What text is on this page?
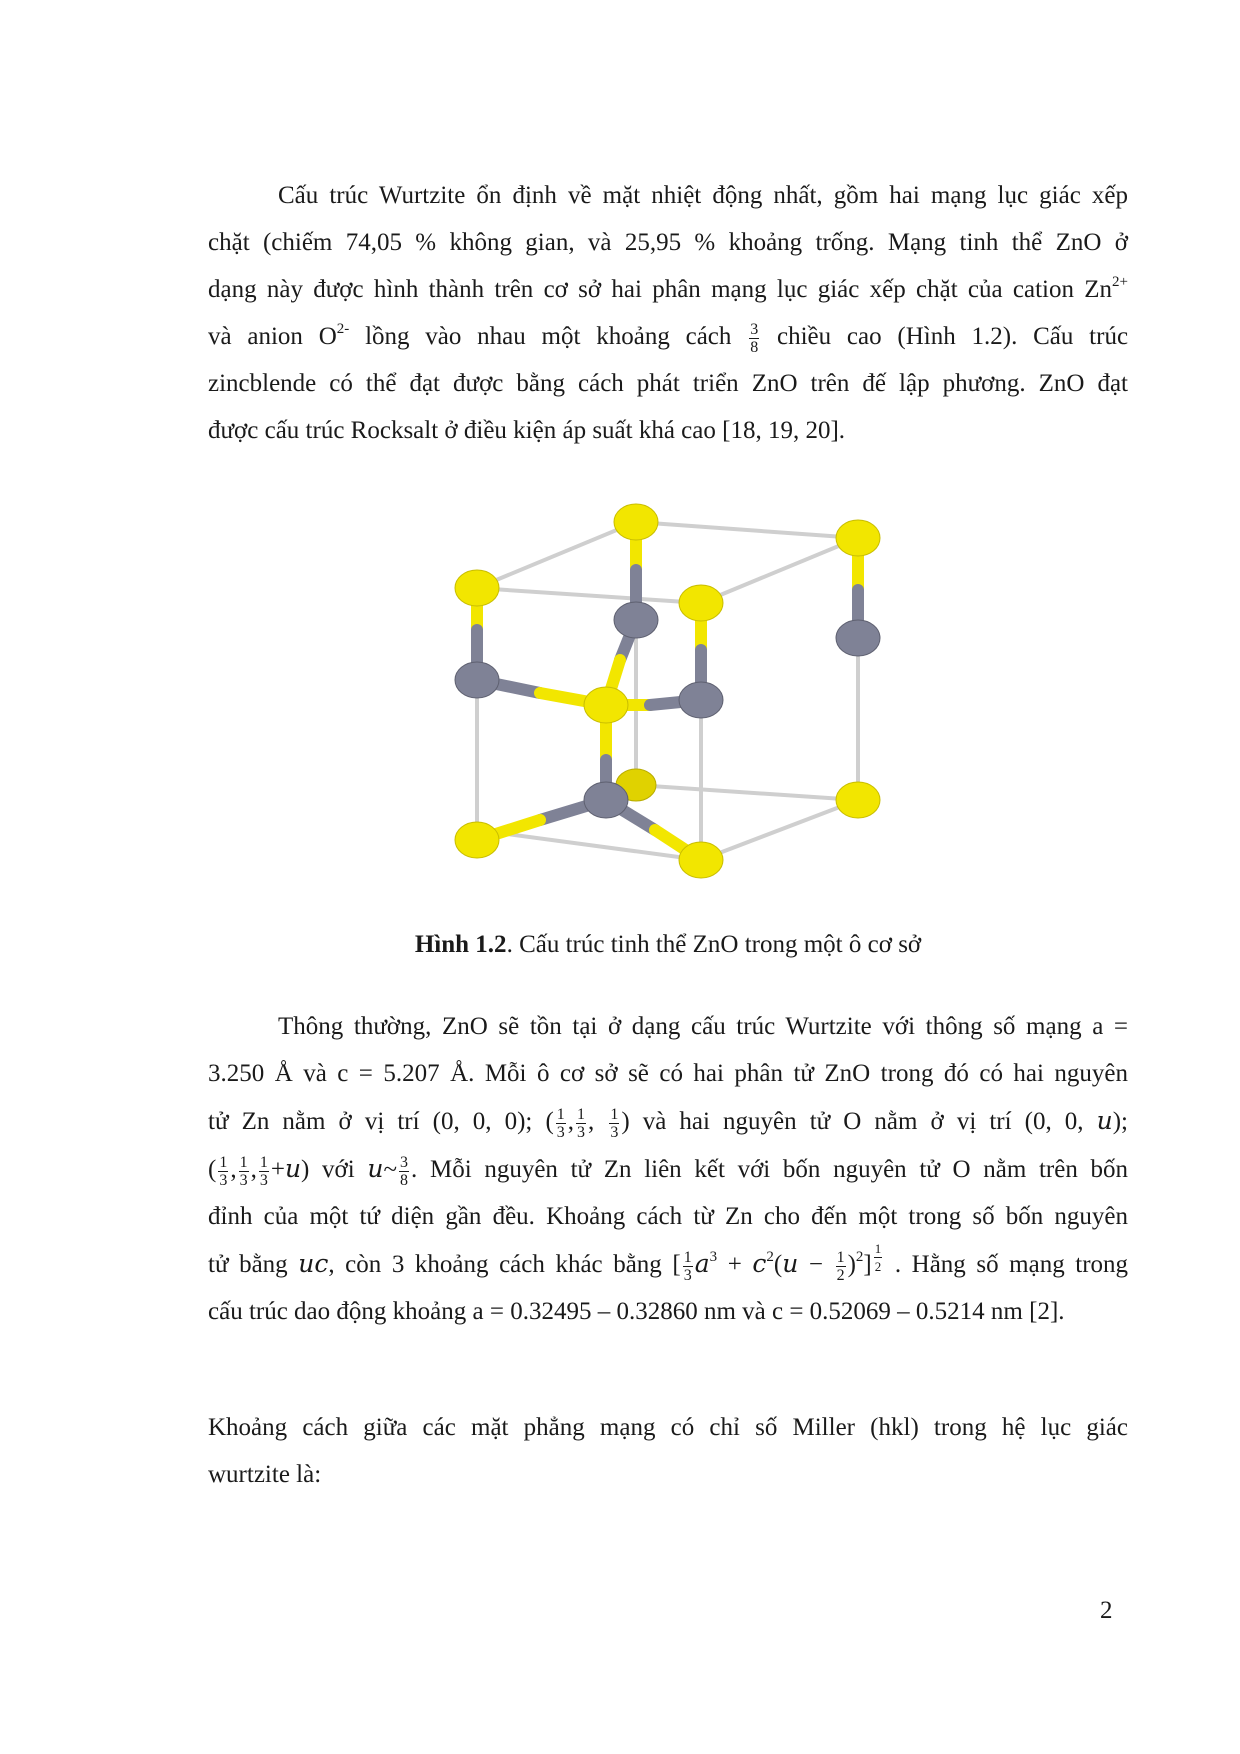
Cấu trúc Wurtzite ổn định về mặt nhiệt động nhất, gồm hai mạng lục giác xếp
chặt (chiếm 74,05 % không gian, và 25,95 % khoảng trống. Mạng tinh thể ZnO ở
dạng này được hình thành trên cơ sở hai phân mạng lục giác xếp chặt của cation $Zn^{2+}$
và anion $O^{2-}$ lồng vào nhau một khoảng cách $\frac{3}{8}$ chiều cao (Hình 1.2). Cấu trúc
zincblende có thể đạt được bằng cách phát triển ZnO trên đế lập phương. ZnO đạt
được cấu trúc Rocksalt ở điều kiện áp suất khá cao [18, 19, 20].
Hình 1.2. Cấu trúc tinh thể ZnO trong một ô cơ sở
Thông thường, ZnO sẽ tồn tại ở dạng cấu trúc Wurtzite với thông số mạng a =
3.250 Å và c = 5.207 Å. Mỗi ô cơ sở sẽ có hai phân tử ZnO trong đó có hai nguyên
tử Zn nằm ở vị trí (0, 0, 0); ( $\frac{1}{3}$ , $\frac{1}{3}$ , $\frac{1}{3}$ ) và hai nguyên tử O nằm ở vị trí (0, 0, u);
( $\frac{1}{3}$ , $\frac{1}{3}$ , $\frac{1}{3} +u$) với u~ $\frac{3}{8}$ . Mỗi nguyên tử Zn liên kết với bốn nguyên tử O nằm trên bốn
đỉnh của một tứ diện gần đều. Khoảng cách từ Zn cho đến một trong số bốn nguyên
tử bằng uc, còn 3 khoảng cách khác bằng [ $\frac{1}{3} a^3 + c^2(u - \frac{1}{2} )^2$] $^{\frac{1}{2}}$ . Hằng số mạng trong
cấu trúc dao động khoảng a = 0.32495 – 0.32860 nm và c = 0.52069 – 0.5214 nm [2].
Khoảng cách giữa các mặt phẳng mạng có chỉ số Miller (hkl) trong hệ lục giác
wurtzite là:
2
